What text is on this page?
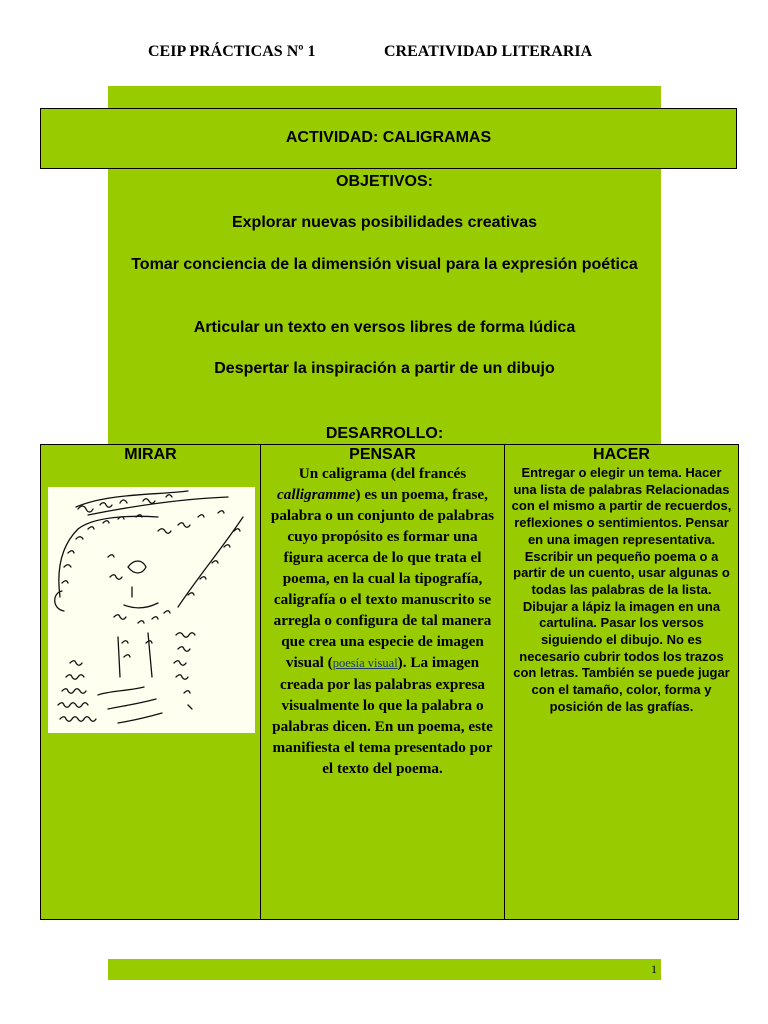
CEIP PRÁCTICAS Nº 1	CREATIVIDAD LITERARIA
ACTIVIDAD: CALIGRAMAS
OBJETIVOS:
Explorar nuevas posibilidades creativas
Tomar conciencia de la dimensión visual para la expresión poética
Articular un texto en versos libres de forma lúdica
Despertar la inspiración a partir de un dibujo
DESARROLLO:
MIRAR	PENSAR
Un caligrama (del francés calligramme) es un poema, frase, palabra o un conjunto de palabras cuyo propósito es formar una figura acerca de lo que trata el poema, en la cual la tipografía, caligrafía o el texto manuscrito se arregla o configura de tal manera que crea una especie de imagen visual (poesía visual). La imagen creada por las palabras expresa visualmente lo que la palabra o palabras dicen. En un poema, este manifiesta el tema presentado por el texto del poema.
HACER
Entregar o elegir un tema. Hacer una lista de palabras Relacionadas con el mismo a partir de recuerdos, reflexiones o sentimientos. Pensar en una imagen representativa. Escribir un pequeño poema o a partir de un cuento, usar algunas o todas las palabras de la lista. Dibujar a lápiz la imagen en una cartulina. Pasar los versos siguiendo el dibujo. No es necesario cubrir todos los trazos con letras. También se puede jugar con el tamaño, color, forma y posición de las grafías.
1
